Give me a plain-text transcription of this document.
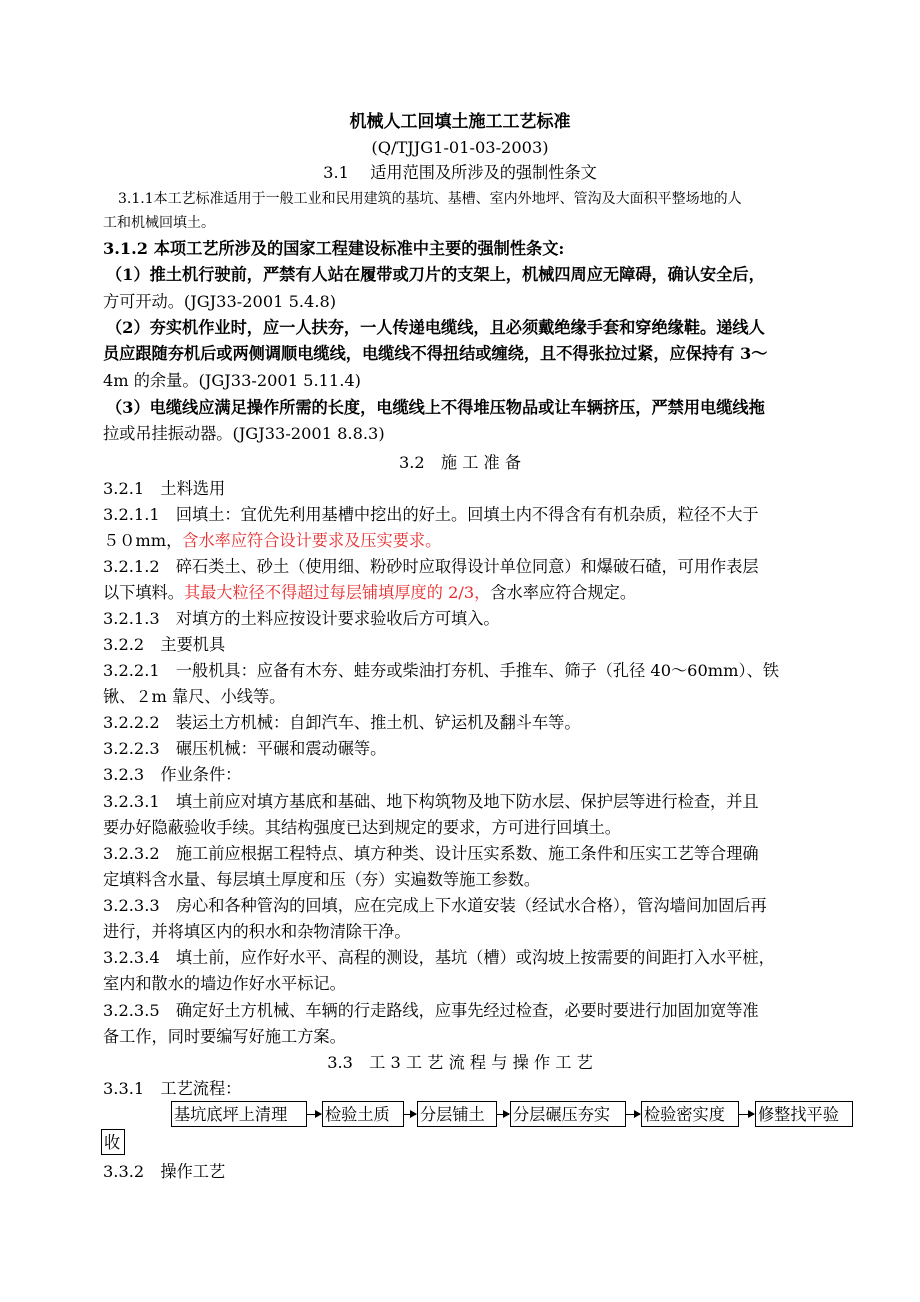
机械人工回填土施工工艺标准
(Q/TJJG1-01-03-2003)
3.1　 适用范围及所涉及的强制性条文
3.1.1本工艺标准适用于一般工业和民用建筑的基坑、基槽、室内外地坪、管沟及大面积平整场地的人
工和机械回填土。
3.1.2 本项工艺所涉及的国家工程建设标准中主要的强制性条文:
（1）推土机行驶前，严禁有人站在履带或刀片的支架上，机械四周应无障碍，确认安全后，
方可开动。(JGJ33-2001 5.4.8)
（2）夯实机作业时，应一人扶夯，一人传递电缆线，且必须戴绝缘手套和穿绝缘鞋。递线人
员应跟随夯机后或两侧调顺电缆线，电缆线不得扭结或缠绕，且不得张拉过紧，应保持有 3～
4m 的余量。(JGJ33-2001 5.11.4)
（3）电缆线应满足操作所需的长度，电缆线上不得堆压物品或让车辆挤压，严禁用电缆线拖
拉或吊挂振动器。(JGJ33-2001 8.8.3)
3.2　施 工 准 备
3.2.1　土料选用
3.2.1.1　回填土：宜优先利用基槽中挖出的好土。回填土内不得含有有机杂质，粒径不大于
５０mm，含水率应符合设计要求及压实要求。
3.2.1.2　碎石类土、砂土（使用细、粉砂时应取得设计单位同意）和爆破石碴，可用作表层
以下填料。其最大粒径不得超过每层铺填厚度的 2/3，含水率应符合规定。
3.2.1.3　对填方的土料应按设计要求验收后方可填入。
3.2.2　主要机具
3.2.2.1　一般机具：应备有木夯、蛙夯或柴油打夯机、手推车、筛子（孔径 40～60mm）、铁
锹、２m 靠尺、小线等。
3.2.2.2　装运土方机械：自卸汽车、推土机、铲运机及翻斗车等。
3.2.2.3　碾压机械：平碾和震动碾等。
3.2.3　作业条件：
3.2.3.1　填土前应对填方基底和基础、地下构筑物及地下防水层、保护层等进行检查，并且
要办好隐蔽验收手续。其结构强度已达到规定的要求，方可进行回填土。
3.2.3.2　施工前应根据工程特点、填方种类、设计压实系数、施工条件和压实工艺等合理确
定填料含水量、每层填土厚度和压（夯）实遍数等施工参数。
3.2.3.3　房心和各种管沟的回填，应在完成上下水道安装（经试水合格），管沟墙间加固后再
进行，并将填区内的积水和杂物清除干净。
3.2.3.4　填土前，应作好水平、高程的测设，基坑（槽）或沟坡上按需要的间距打入水平桩，
室内和散水的墙边作好水平标记。
3.2.3.5　确定好土方机械、车辆的行走路线，应事先经过检查，必要时要进行加固加宽等准
备工作，同时要编写好施工方案。
3.3　工 3 工 艺 流 程 与 操 作 工 艺
3.3.1　工艺流程：
基坑底坪上清理	检验土质	分层铺土	分层碾压夯实	检验密实度	修整找平验
收
3.3.2　操作工艺
